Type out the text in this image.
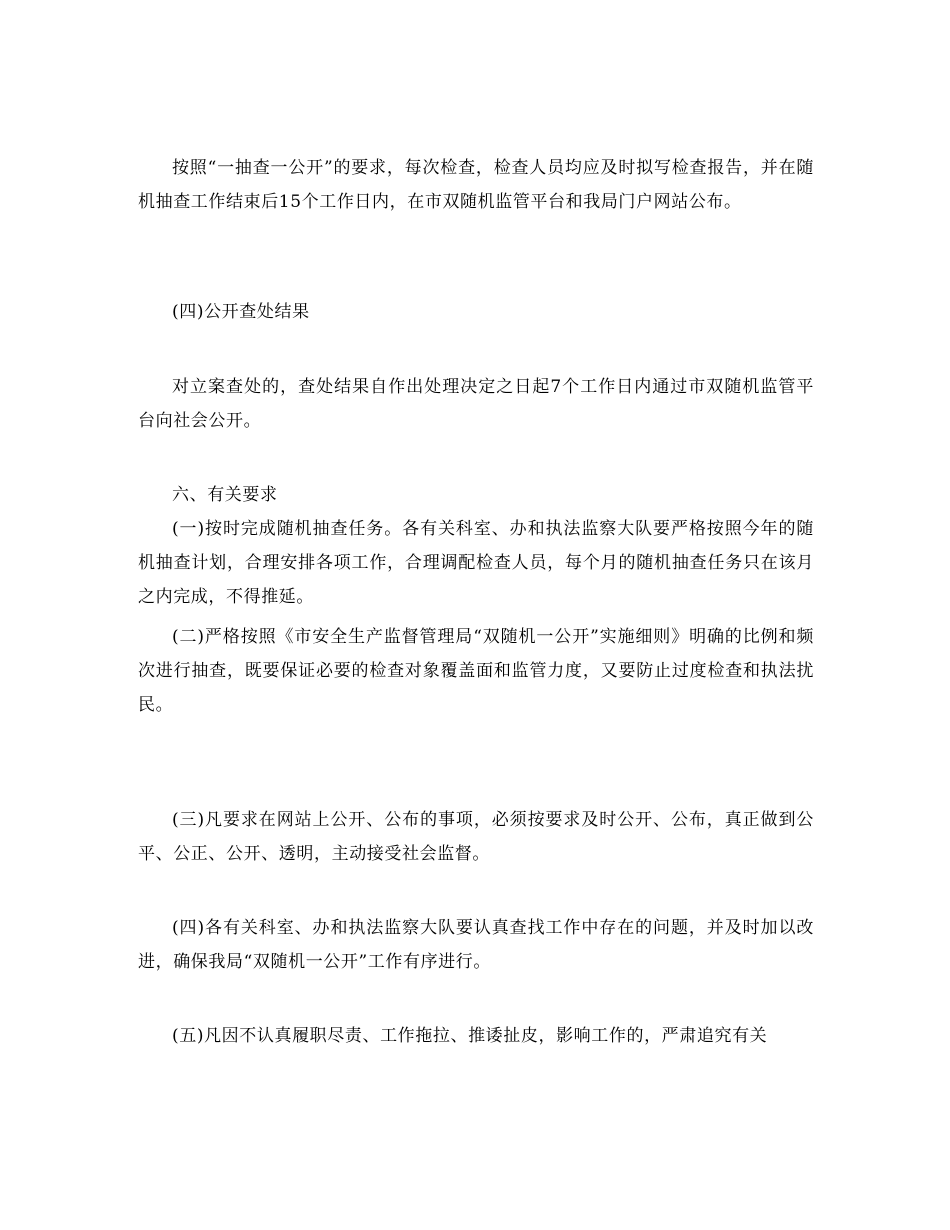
按照“一抽查一公开”的要求，每次检查，检查人员均应及时拟写检查报告，并在随机抽查工作结束后15个工作日内，在市双随机监管平台和我局门户网站公布。

(四)公开查处结果

对立案查处的，查处结果自作出处理决定之日起7个工作日内通过市双随机监管平台向社会公开。

六、有关要求

(一)按时完成随机抽查任务。各有关科室、办和执法监察大队要严格按照今年的随机抽查计划，合理安排各项工作，合理调配检查人员，每个月的随机抽查任务只在该月之内完成，不得推延。

(二)严格按照《市安全生产监督管理局“双随机一公开”实施细则》明确的比例和频次进行抽查，既要保证必要的检查对象覆盖面和监管力度，又要防止过度检查和执法扰民。

(三)凡要求在网站上公开、公布的事项，必须按要求及时公开、公布，真正做到公平、公正、公开、透明，主动接受社会监督。

(四)各有关科室、办和执法监察大队要认真查找工作中存在的问题，并及时加以改进，确保我局“双随机一公开”工作有序进行。

(五)凡因不认真履职尽责、工作拖拉、推诿扯皮，影响工作的，严肃追究有关
